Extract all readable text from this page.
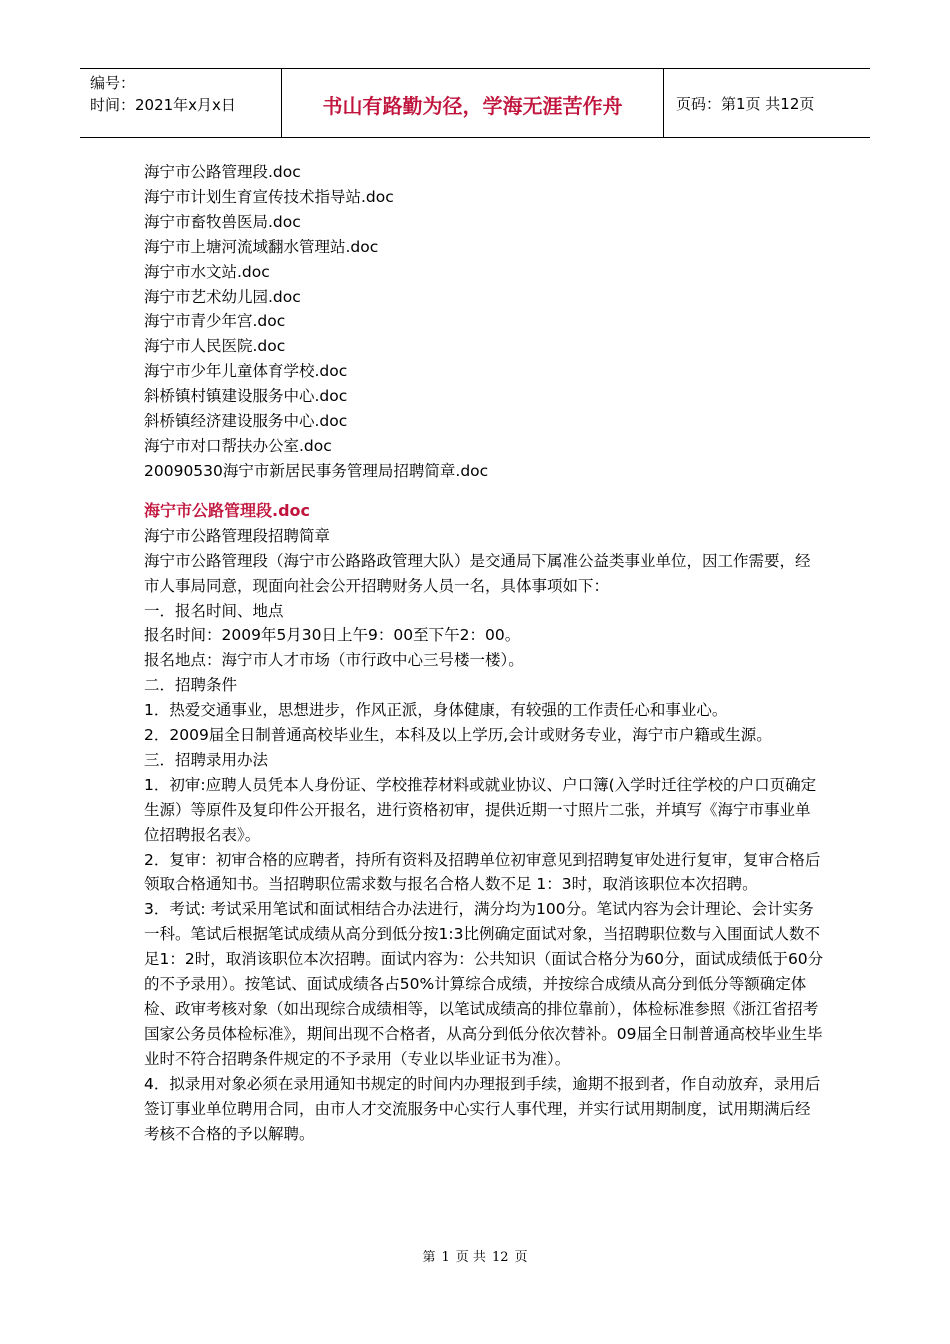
编号：
时间：2021年x月x日	书山有路勤为径，学海无涯苦作舟	页码：第1页 共12页

海宁市公路管理段.doc

海宁市计划生育宣传技术指导站.doc

海宁市畜牧兽医局.doc

海宁市上塘河流域翻水管理站.doc

海宁市水文站.doc

海宁市艺术幼儿园.doc

海宁市青少年宫.doc

海宁市人民医院.doc

海宁市少年儿童体育学校.doc

斜桥镇村镇建设服务中心.doc

斜桥镇经济建设服务中心.doc

海宁市对口帮扶办公室.doc

20090530海宁市新居民事务管理局招聘简章.doc

海宁市公路管理段.doc

海宁市公路管理段招聘简章

海宁市公路管理段（海宁市公路路政管理大队）是交通局下属准公益类事业单位，因工作需要，经市人事局同意，现面向社会公开招聘财务人员一名，具体事项如下：

一．报名时间、地点

报名时间：2009年5月30日上午9：00至下午2：00。

报名地点：海宁市人才市场（市行政中心三号楼一楼）。

二．招聘条件

1．热爱交通事业，思想进步，作风正派，身体健康，有较强的工作责任心和事业心。

2．2009届全日制普通高校毕业生，本科及以上学历,会计或财务专业，海宁市户籍或生源。

三．招聘录用办法

1．初审:应聘人员凭本人身份证、学校推荐材料或就业协议、户口簿(入学时迁往学校的户口页确定生源）等原件及复印件公开报名，进行资格初审，提供近期一寸照片二张，并填写《海宁市事业单位招聘报名表》。

2．复审：初审合格的应聘者，持所有资料及招聘单位初审意见到招聘复审处进行复审，复审合格后领取合格通知书。当招聘职位需求数与报名合格人数不足 1：3时，取消该职位本次招聘。

3．考试: 考试采用笔试和面试相结合办法进行，满分均为100分。笔试内容为会计理论、会计实务一科。笔试后根据笔试成绩从高分到低分按1:3比例确定面试对象，当招聘职位数与入围面试人数不足1：2时，取消该职位本次招聘。面试内容为：公共知识（面试合格分为60分，面试成绩低于60分的不予录用）。按笔试、面试成绩各占50%计算综合成绩，并按综合成绩从高分到低分等额确定体检、政审考核对象（如出现综合成绩相等，以笔试成绩高的排位靠前），体检标准参照《浙江省招考国家公务员体检标准》，期间出现不合格者，从高分到低分依次替补。09届全日制普通高校毕业生毕业时不符合招聘条件规定的不予录用（专业以毕业证书为准）。

4．拟录用对象必须在录用通知书规定的时间内办理报到手续，逾期不报到者，作自动放弃，录用后签订事业单位聘用合同，由市人才交流服务中心实行人事代理，并实行试用期制度，试用期满后经考核不合格的予以解聘。

第 1 页 共 12 页
